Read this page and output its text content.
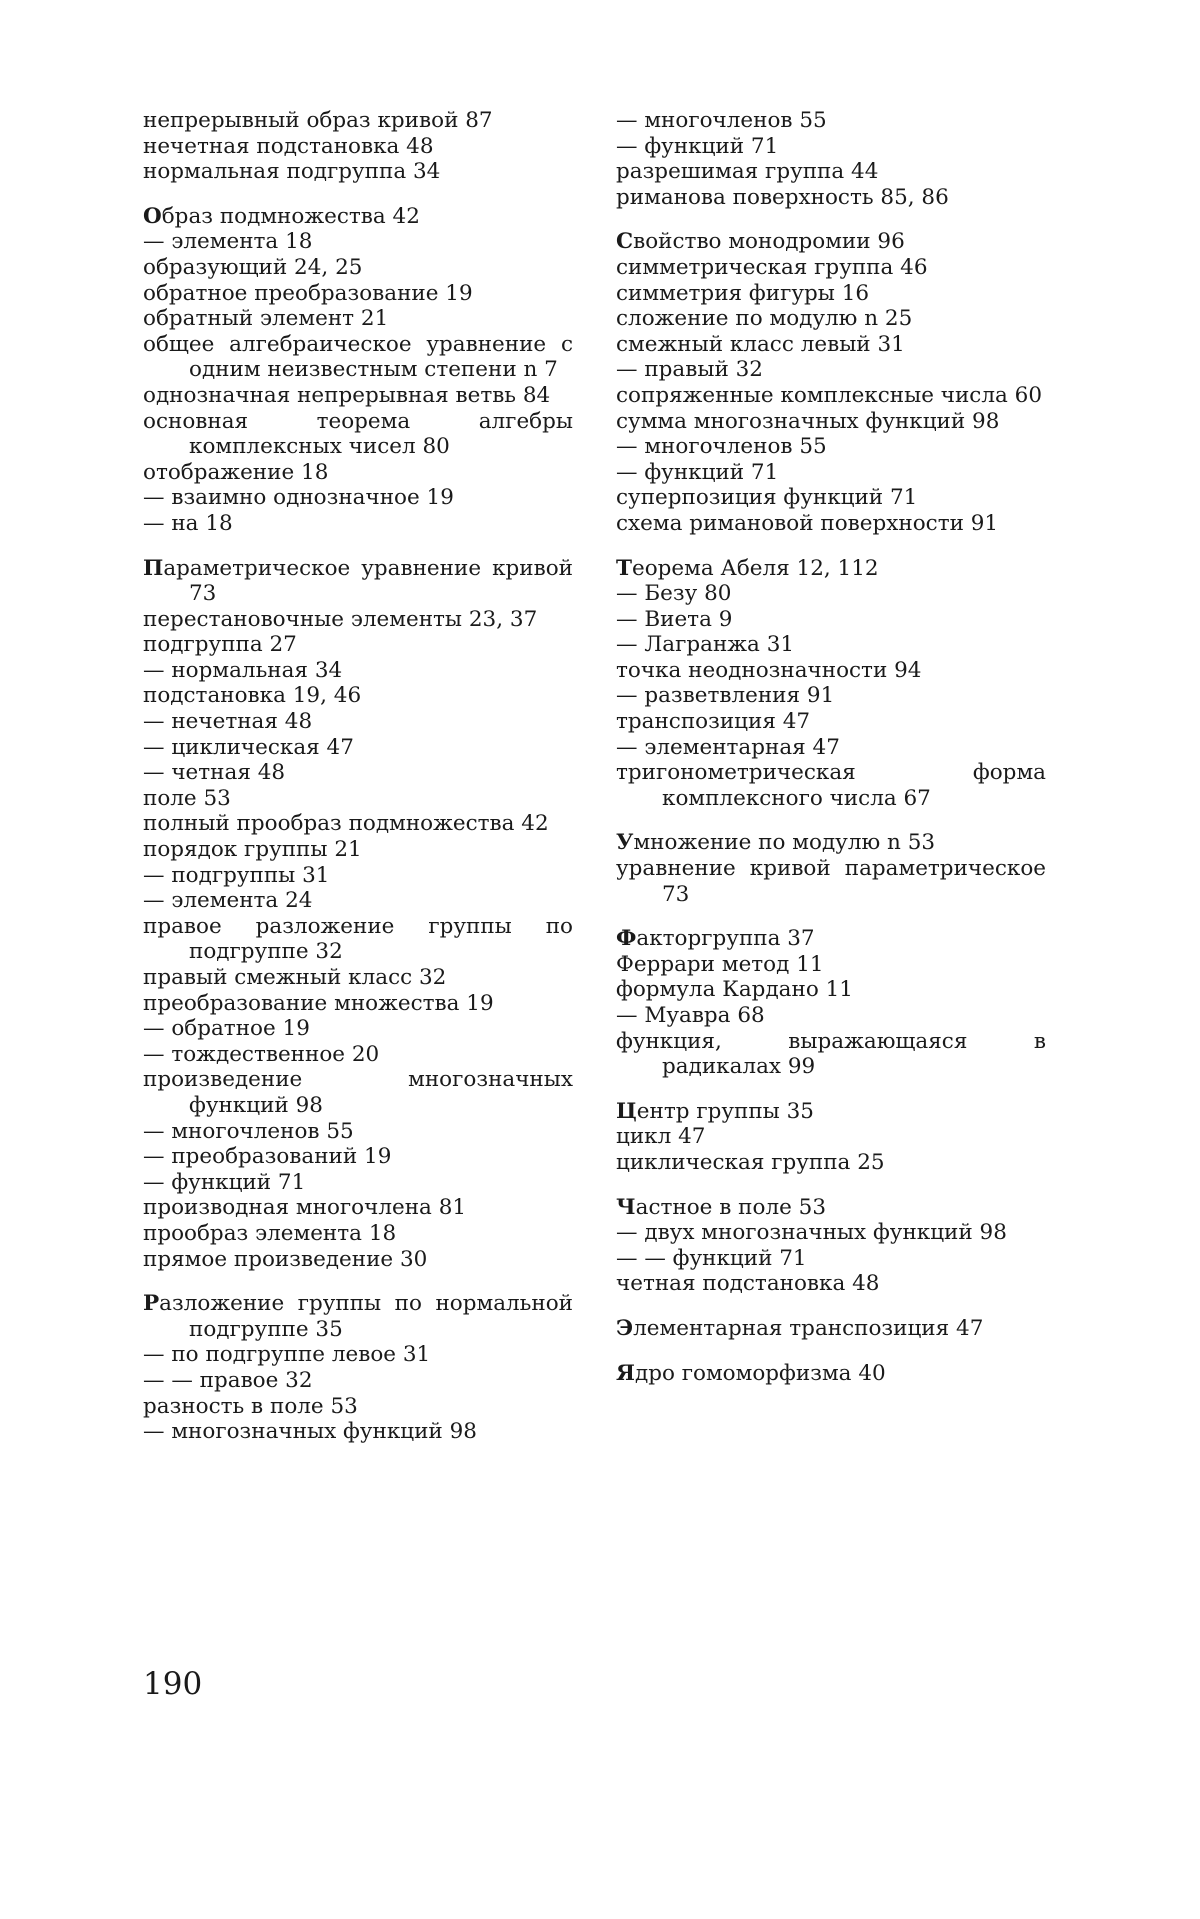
непрерывный образ кривой 87
нечетная подстановка 48
нормальная подгруппа 34
Образ подмножества 42
— элемента 18
образующий 24, 25
обратное преобразование 19
обратный элемент 21
общее алгебраическое уравнение с одним неизвестным степени n 7
однозначная непрерывная ветвь 84
основная теорема алгебры комплексных чисел 80
отображение 18
— взаимно однозначное 19
— на 18
Параметрическое уравнение кривой 73
перестановочные элементы 23, 37
подгруппа 27
— нормальная 34
подстановка 19, 46
— нечетная 48
— циклическая 47
— четная 48
поле 53
полный прообраз подмножества 42
порядок группы 21
— подгруппы 31
— элемента 24
правое разложение группы по подгруппе 32
правый смежный класс 32
преобразование множества 19
— обратное 19
— тождественное 20
произведение многозначных функций 98
— многочленов 55
— преобразований 19
— функций 71
производная многочлена 81
прообраз элемента 18
прямое произведение 30
Разложение группы по нормальной подгруппе 35
— по подгруппе левое 31
— — правое 32
разность в поле 53
— многозначных функций 98
— многочленов 55
— функций 71
разрешимая группа 44
риманова поверхность 85, 86
Свойство монодромии 96
симметрическая группа 46
симметрия фигуры 16
сложение по модулю n 25
смежный класс левый 31
— правый 32
сопряженные комплексные числа 60
сумма многозначных функций 98
— многочленов 55
— функций 71
суперпозиция функций 71
схема римановой поверхности 91
Теорема Абеля 12, 112
— Безу 80
— Виета 9
— Лагранжа 31
точка неоднозначности 94
— разветвления 91
транспозиция 47
— элементарная 47
тригонометрическая форма комплексного числа 67
Умножение по модулю n 53
уравнение кривой параметрическое 73
Факторгруппа 37
Феррари метод 11
формула Кардано 11
— Муавра 68
функция, выражающаяся в радикалах 99
Центр группы 35
цикл 47
циклическая группа 25
Частное в поле 53
— двух многозначных функций 98
— — функций 71
четная подстановка 48
Элементарная транспозиция 47
Ядро гомоморфизма 40
190
